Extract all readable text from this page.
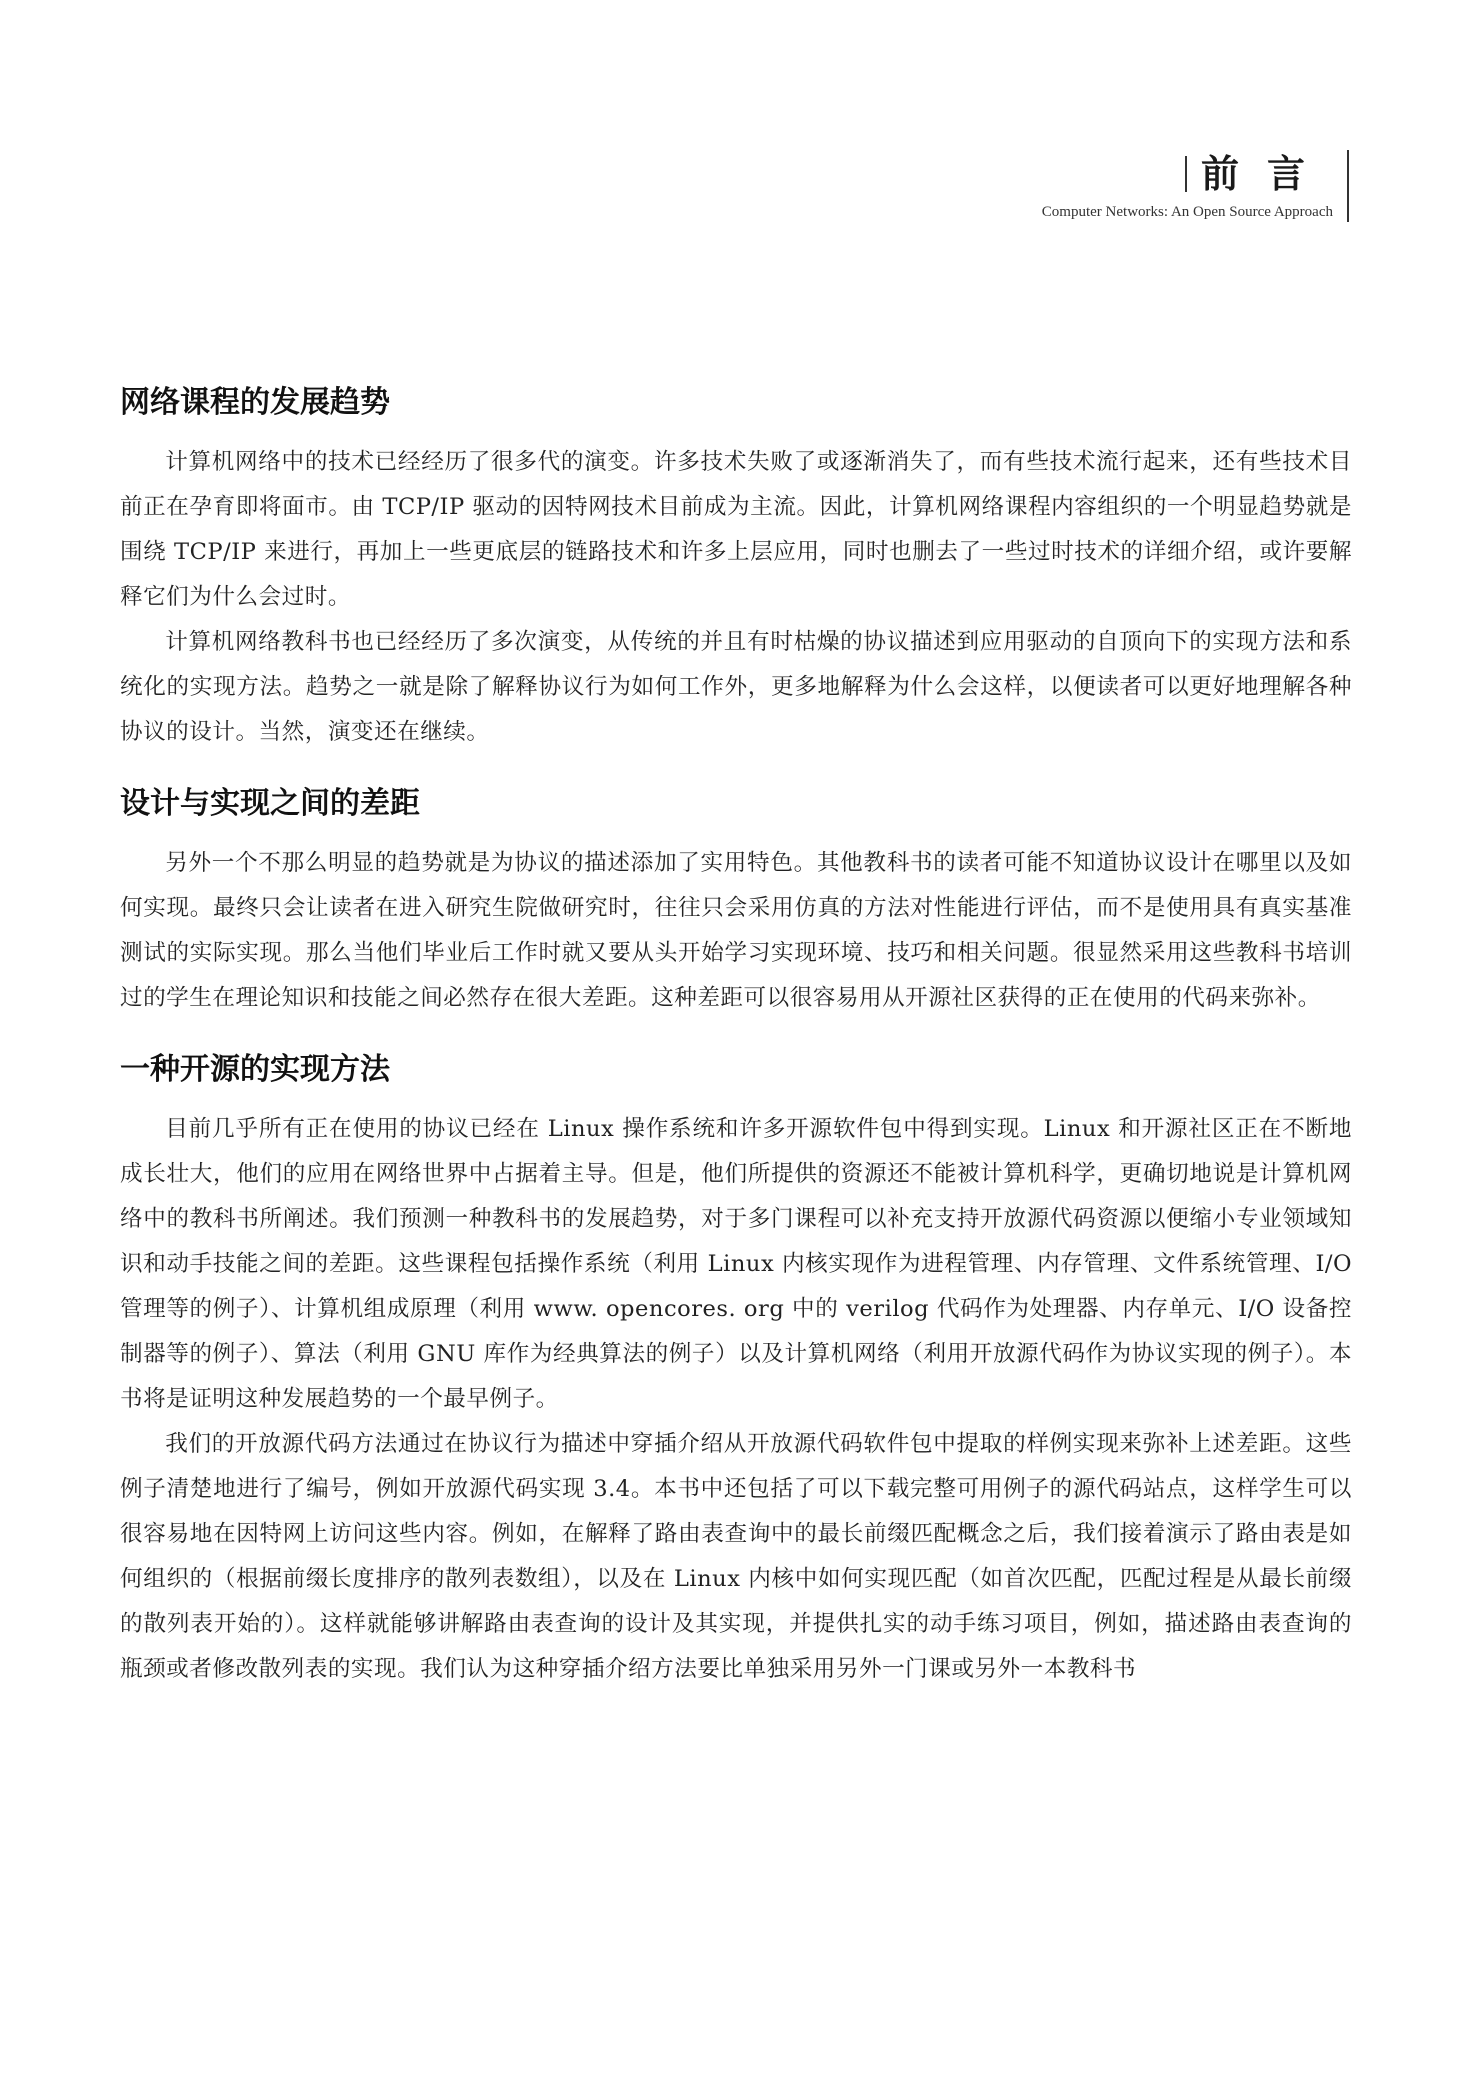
前言
Computer Networks: An Open Source Approach
网络课程的发展趋势

计算机网络中的技术已经经历了很多代的演变。许多技术失败了或逐渐消失了，而有些技术流行起来，还有些技术目前正在孕育即将面市。由 TCP/IP 驱动的因特网技术目前成为主流。因此，计算机网络课程内容组织的一个明显趋势就是围绕 TCP/IP 来进行，再加上一些更底层的链路技术和许多上层应用，同时也删去了一些过时技术的详细介绍，或许要解释它们为什么会过时。

计算机网络教科书也已经经历了多次演变，从传统的并且有时枯燥的协议描述到应用驱动的自顶向下的实现方法和系统化的实现方法。趋势之一就是除了解释协议行为如何工作外，更多地解释为什么会这样，以便读者可以更好地理解各种协议的设计。当然，演变还在继续。

设计与实现之间的差距

另外一个不那么明显的趋势就是为协议的描述添加了实用特色。其他教科书的读者可能不知道协议设计在哪里以及如何实现。最终只会让读者在进入研究生院做研究时，往往只会采用仿真的方法对性能进行评估，而不是使用具有真实基准测试的实际实现。那么当他们毕业后工作时就又要从头开始学习实现环境、技巧和相关问题。很显然采用这些教科书培训过的学生在理论知识和技能之间必然存在很大差距。这种差距可以很容易用从开源社区获得的正在使用的代码来弥补。

一种开源的实现方法

目前几乎所有正在使用的协议已经在 Linux 操作系统和许多开源软件包中得到实现。Linux 和开源社区正在不断地成长壮大，他们的应用在网络世界中占据着主导。但是，他们所提供的资源还不能被计算机科学，更确切地说是计算机网络中的教科书所阐述。我们预测一种教科书的发展趋势，对于多门课程可以补充支持开放源代码资源以便缩小专业领域知识和动手技能之间的差距。这些课程包括操作系统（利用 Linux 内核实现作为进程管理、内存管理、文件系统管理、I/O 管理等的例子）、计算机组成原理（利用 www. opencores. org 中的 verilog 代码作为处理器、内存单元、I/O 设备控制器等的例子）、算法（利用 GNU 库作为经典算法的例子）以及计算机网络（利用开放源代码作为协议实现的例子）。本书将是证明这种发展趋势的一个最早例子。

我们的开放源代码方法通过在协议行为描述中穿插介绍从开放源代码软件包中提取的样例实现来弥补上述差距。这些例子清楚地进行了编号，例如开放源代码实现 3.4。本书中还包括了可以下载完整可用例子的源代码站点，这样学生可以很容易地在因特网上访问这些内容。例如，在解释了路由表查询中的最长前缀匹配概念之后，我们接着演示了路由表是如何组织的（根据前缀长度排序的散列表数组），以及在 Linux 内核中如何实现匹配（如首次匹配，匹配过程是从最长前缀的散列表开始的）。这样就能够讲解路由表查询的设计及其实现，并提供扎实的动手练习项目，例如，描述路由表查询的瓶颈或者修改散列表的实现。我们认为这种穿插介绍方法要比单独采用另外一门课或另外一本教科书
